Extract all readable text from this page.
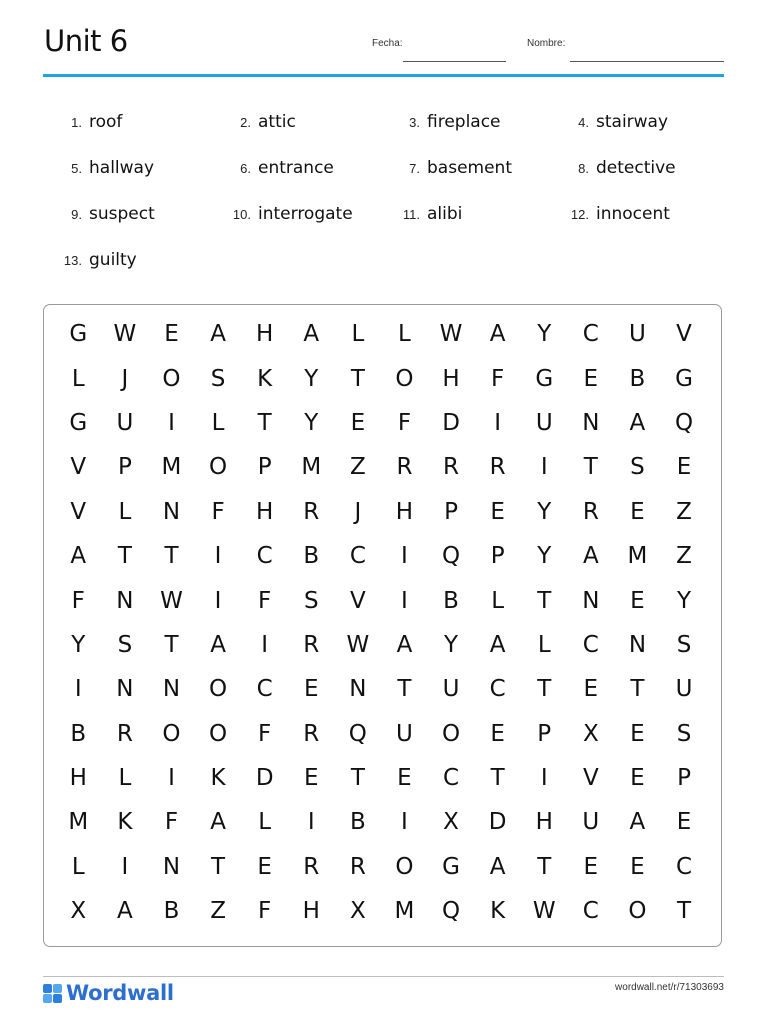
Unit 6	Fecha:	Nombre:
1. roof	2. attic	3. fireplace	4. stairway
5. hallway	6. entrance	7. basement	8. detective
9. suspect	10. interrogate	11. alibi	12. innocent
13. guilty
G	W	E	A	H	A	L	L	W	A	Y	C	U	V
L	J	O	S	K	Y	T	O	H	F	G	E	B	G
G	U	I	L	T	Y	E	F	D	I	U	N	A	Q
V	P	M	O	P	M	Z	R	R	R	I	T	S	E
V	L	N	F	H	R	J	H	P	E	Y	R	E	Z
A	T	T	I	C	B	C	I	Q	P	Y	A	M	Z
F	N	W	I	F	S	V	I	B	L	T	N	E	Y
Y	S	T	A	I	R	W	A	Y	A	L	C	N	S
I	N	N	O	C	E	N	T	U	C	T	E	T	U
B	R	O	O	F	R	Q	U	O	E	P	X	E	S
H	L	I	K	D	E	T	E	C	T	I	V	E	P
M	K	F	A	L	I	B	I	X	D	H	U	A	E
L	I	N	T	E	R	R	O	G	A	T	E	E	C
X	A	B	Z	F	H	X	M	Q	K	W	C	O	T
Wordwall	wordwall.net/r/71303693
